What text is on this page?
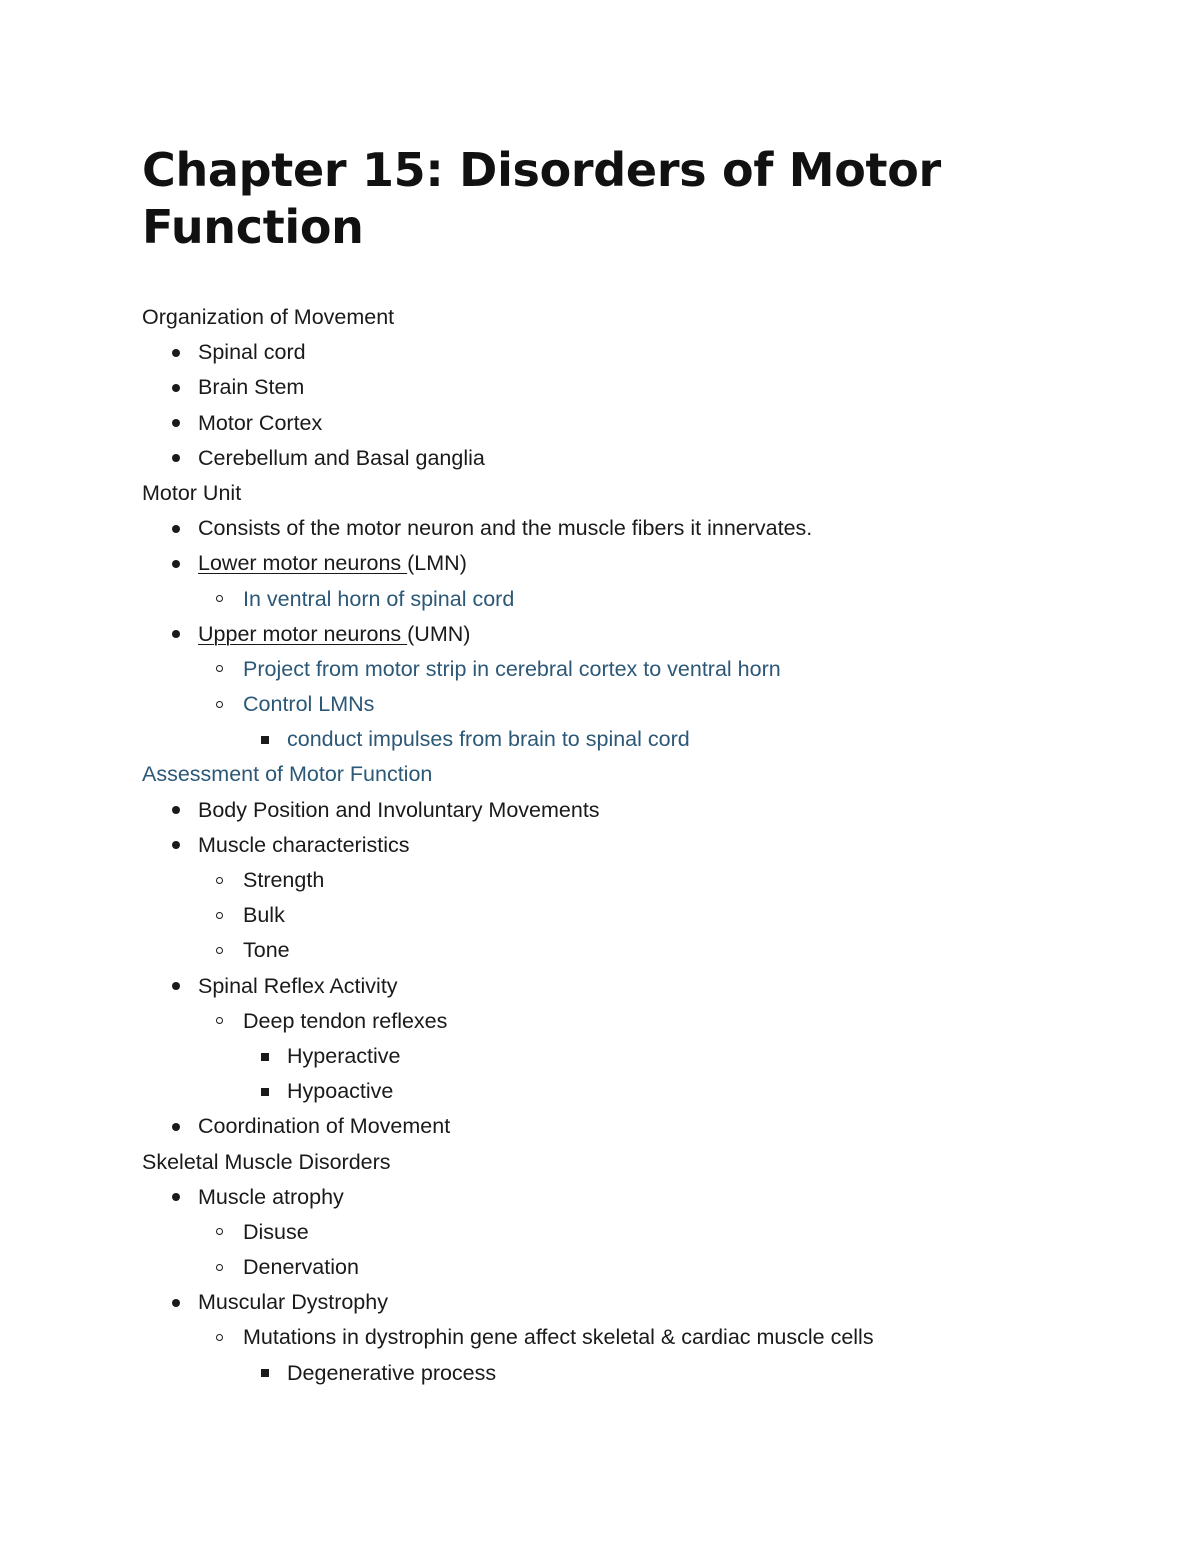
Chapter 15: Disorders of Motor Function
Organization of Movement
Spinal cord
Brain Stem
Motor Cortex
Cerebellum and Basal ganglia
Motor Unit
Consists of the motor neuron and the muscle fibers it innervates.
Lower motor neurons (LMN)
In ventral horn of spinal cord
Upper motor neurons (UMN)
Project from motor strip in cerebral cortex to ventral horn
Control LMNs
conduct impulses from brain to spinal cord
Assessment of Motor Function
Body Position and Involuntary Movements
Muscle characteristics
Strength
Bulk
Tone
Spinal Reflex Activity
Deep tendon reflexes
Hyperactive
Hypoactive
Coordination of Movement
Skeletal Muscle Disorders
Muscle atrophy
Disuse
Denervation
Muscular Dystrophy
Mutations in dystrophin gene affect skeletal & cardiac muscle cells
Degenerative process
